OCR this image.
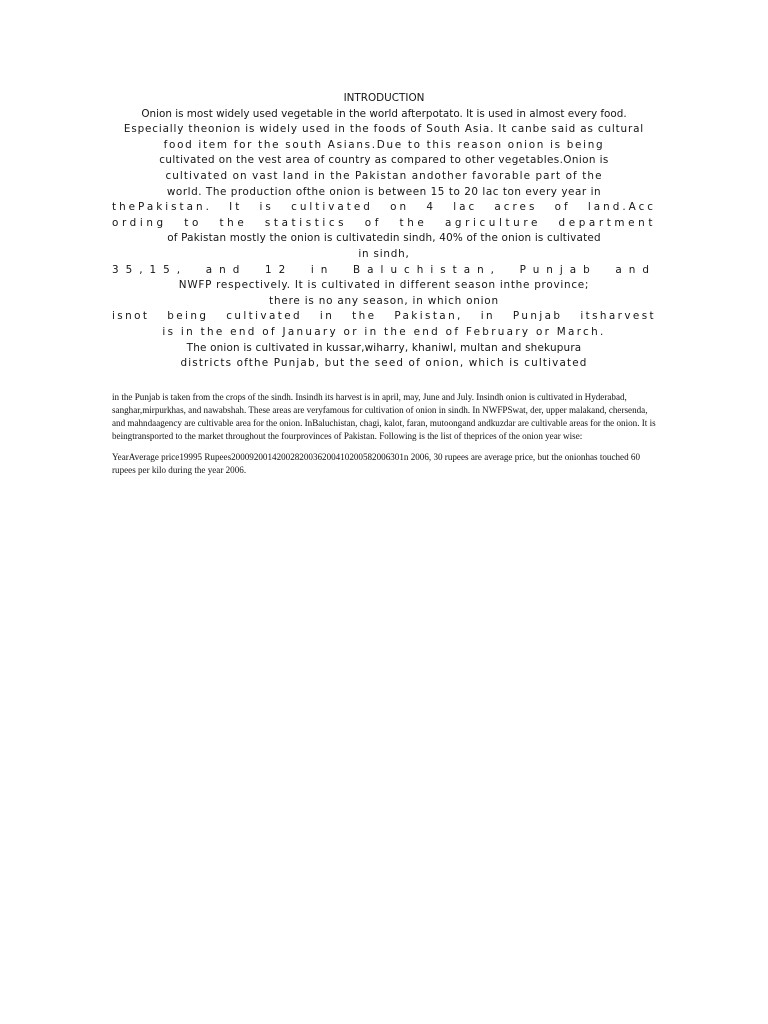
INTRODUCTION
Onion is most widely used vegetable in the world afterpotato. It is used in almost every food.
Especially theonion is widely used in the foods of South Asia. It canbe said as cultural
food item for the south Asians.Due to this reason onion is being
cultivated on the vest area of country as compared to other vegetables.Onion is
cultivated on vast land in the Pakistan andother favorable part of the
world. The production ofthe onion is between 15 to 20 lac ton every year in
thePakistan. It is cultivated on 4 lac acres of land.Acc
ording to the statistics of the agriculture department
of Pakistan mostly the onion is cultivatedin sindh, 40% of the onion is cultivated
in sindh,
35,15, and 12 in Baluchistan, Punjab and
NWFP respectively. It is cultivated in different season inthe province;
there is no any season, in which onion
isnot being cultivated in the Pakistan, in Punjab itsharvest
is in the end of January or in the end of February or March.
The onion is cultivated in kussar,wiharry, khaniwl, multan and shekupura
districts ofthe Punjab, but the seed of onion, which is cultivated

in the Punjab is taken from the crops of the sindh. Insindh its harvest is in april, may, June and July. Insindh onion is cultivated in Hyderabad, sanghar,mirpurkhas, and nawabshah. These areas are veryfamous for cultivation of onion in sindh. In NWFPSwat, der, upper malakand, chersenda, and mahndaagency are cultivable area for the onion. InBaluchistan, chagi, kalot, faran, mutoongand andkuzdar are cultivable areas for the onion. It is beingtransported to the market throughout the fourprovinces of Pakistan. Following is the list of theprices of the onion year wise:

YearAverage price19995 Rupees20009200142002820036200410200582006301n 2006, 30 rupees are average price, but the onionhas touched 60 rupees per kilo during the year 2006.
